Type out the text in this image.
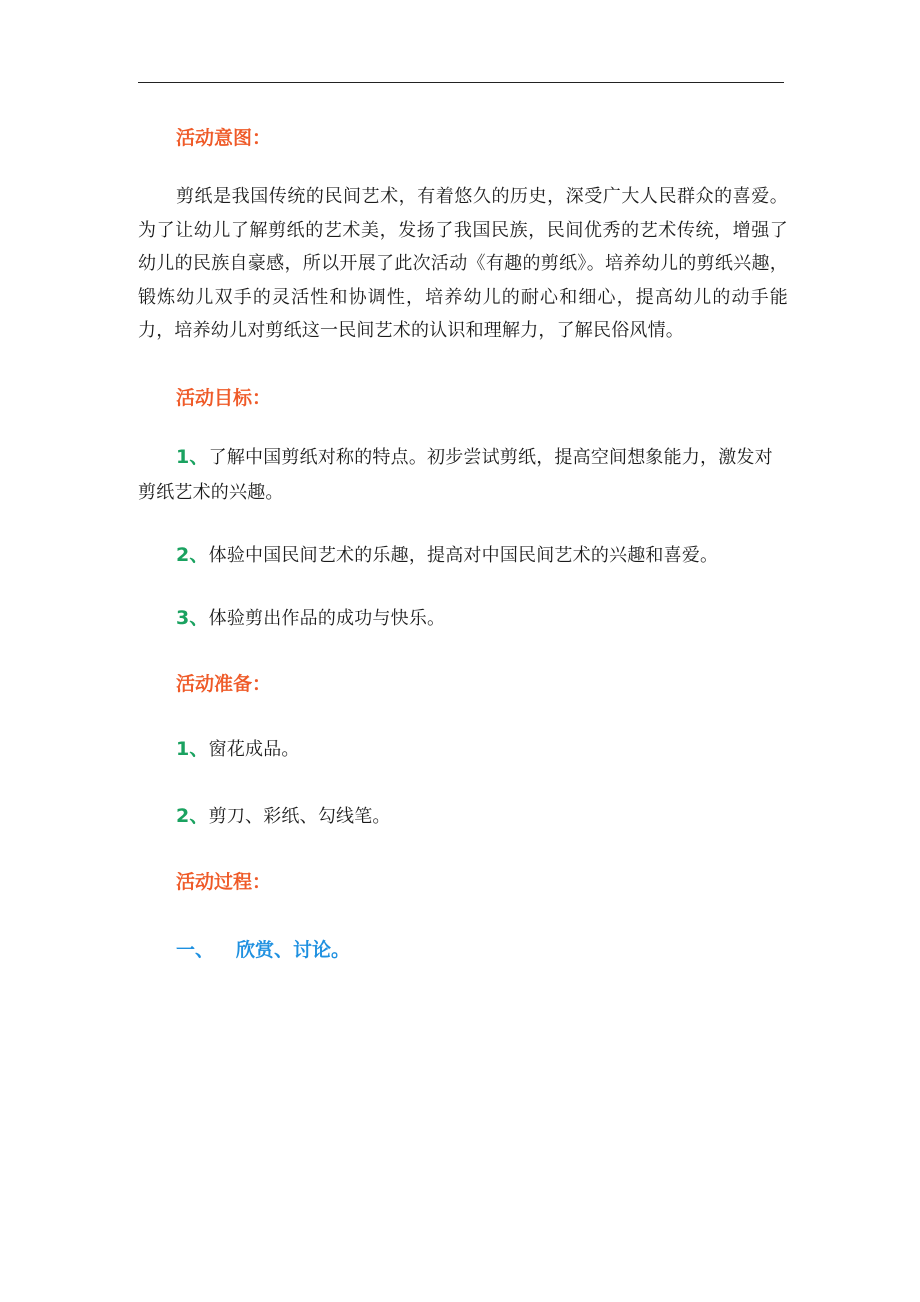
活动意图：

剪纸是我国传统的民间艺术，有着悠久的历史，深受广大人民群众的喜爱。为了让幼儿了解剪纸的艺术美，发扬了我国民族，民间优秀的艺术传统，增强了幼儿的民族自豪感，所以开展了此次活动《有趣的剪纸》。培养幼儿的剪纸兴趣，锻炼幼儿双手的灵活性和协调性，培养幼儿的耐心和细心，提高幼儿的动手能力，培养幼儿对剪纸这一民间艺术的认识和理解力，了解民俗风情。

活动目标：

1、了解中国剪纸对称的特点。初步尝试剪纸，提高空间想象能力，激发对剪纸艺术的兴趣。

2、体验中国民间艺术的乐趣，提高对中国民间艺术的兴趣和喜爱。

3、体验剪出作品的成功与快乐。

活动准备：

1、窗花成品。

2、剪刀、彩纸、勾线笔。

活动过程：

一、 欣赏、讨论。
